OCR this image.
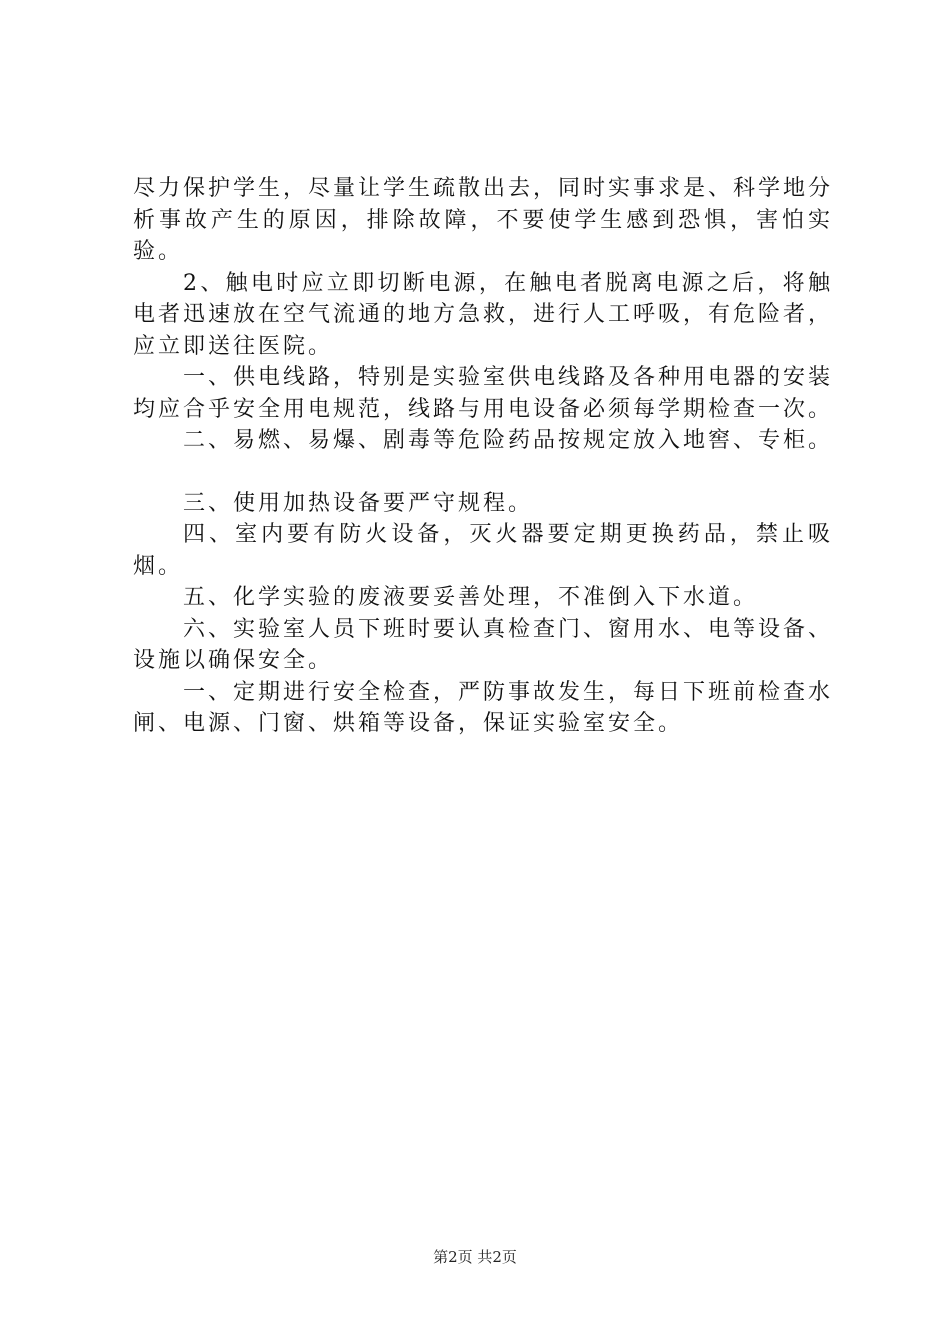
尽力保护学生，尽量让学生疏散出去，同时实事求是、科学地分析事故产生的原因，排除故障，不要使学生感到恐惧，害怕实验。

2、触电时应立即切断电源，在触电者脱离电源之后，将触电者迅速放在空气流通的地方急救，进行人工呼吸，有危险者，应立即送往医院。

一、供电线路，特别是实验室供电线路及各种用电器的安装均应合乎安全用电规范，线路与用电设备必须每学期检查一次。

二、易燃、易爆、剧毒等危险药品按规定放入地窖、专柜。

三、使用加热设备要严守规程。

四、室内要有防火设备，灭火器要定期更换药品，禁止吸烟。

五、化学实验的废液要妥善处理，不准倒入下水道。

六、实验室人员下班时要认真检查门、窗用水、电等设备、设施以确保安全。

一、定期进行安全检查，严防事故发生，每日下班前检查水闸、电源、门窗、烘箱等设备，保证实验室安全。

第2页 共2页
